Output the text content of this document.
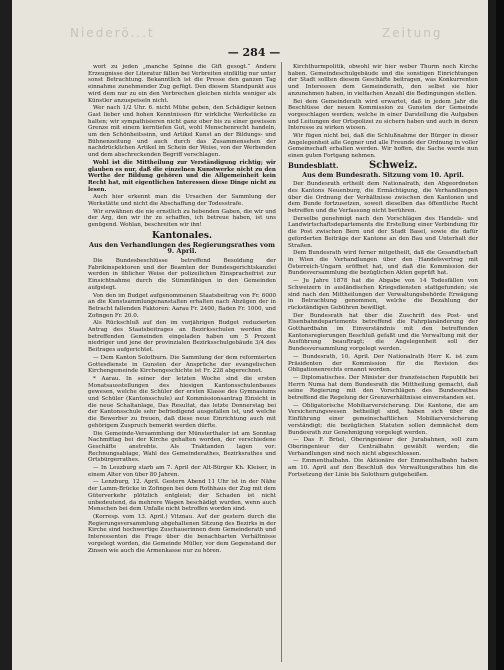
Niederö...t	Zeitung
— 284 —

wort zu jeden „manche Spinne die Gift gesogt.“ Andere Erzeugnisse der Literatur fällen bei Verbreiten einfältig nur unter sonst Betrachtung. Bekanntlich ist die Presse den ganzen Tag einnahme zunehmender Zug gefügt. Den diesem Standpunkt aus wird dem nur zu ein den Verbrechen gleichen nichts weniger als Künstler anzuspeiseln nicht.

Wer nach 1/2 Uhr. 6. nicht Mühe geben, den Schädiger keinen Gast lieber und hohen Kenntnissen für wirkliche Werkstücke zu halten; wir sympathisieren nicht ganz ober bis zu einer gewissen Grenze mit einem kerntiefen Gut, wohl Menschenrecht handeln, um den Schönheitssinn, und Artikel Kunst an der Bildungs- und Bühnenzeitung und auch durch das Zusammensehen der nachdrücklichen Artikel im Schein der Weise, von der Werbenden und dem abschreckenden Begriff verschlagen.

Wohl ist die Mittheilung zur Verständigung richtig; wir glauben es nur, daß die einzelnen Kunstwerke nicht zu den Werthe der Bildung gehören und die Allgemeinheit kein Recht hat, mit eigentlichen Interessen diese Dinge nicht zu lesen.

Auch hier erkennt man die Ursachen der Sammlung der Werkstätte und nicht die Abschaffung der Todesstrafe.

Wir erwähnen die nie ernstlich zu hebenden Gaben, die wir und der Arg, den wir ihr zu schaffen, ich betreue haben, ist uns genügend. Wohlan, beschreiten wir ihn!

Kantonales.
Aus den Verhandlungen des Regierungsrathes vom 9. April.

Die Bundesbeschlüsse betreffend Besoldung der Fabrikinspektoren und der Beamten der Bundesgerichtskanzlei werden in üblicher Weise der polizeilichen Einsprachefrist zur Einsichtnahme durch die Stimmfähigen in den Gemeinden aufgelegt.

Von den im Budget aufgenommenen Staatsbeitrag von Fr. 6000 an die Kunstsammlungenanstalten erhalten nach Abzügen der in Betracht fallenden Faktoren: Aarau Fr. 2400, Baden Fr. 1000, und Zofingen Fr. 20.0.

Als Rückschluß auf den im vorjährigen Budget reduzierten Antrag des Staatsbeitrages an Bezirksschulen werden die betreffenden Gemeinden eingeladen haben um 5 Prozent niedriger und jene der provinzialen Bezirksschulgebäude 3/4 des Beitrages aufgerichtet.

— Dem Kanton Solothurn. Die Sammlung der dem reformierten Gottesdienste in Gunsten der Ansprüche der evangelischen Kirchengemeinde Kirchengeschichte ist Fr. 228 abgerechnet.

* Aarau. In seiner der letzten Woche sind die ersten Monatsausstellungen des hiesigen Kantonsschulenbaues gewesen, welche die Schüler der ersten Klasse des Gymnasiums und Schüler (Kantonsschule) auf Kommissionsantrag Einsicht in die neue Schaltanlage, Das Resultat, das letzte Donnerstag bei der Kantonsschule sehr befriedigend ausgefallen ist, und welche die Bewerber zu freuen, daß diese neue Einrichtung auch mit gehörigem Zuspruch bemerkt werden dürfte.

Die Gemeinde-Versammlung der Münsterthaler ist am Sonntag Nachmittag bei der Kirche gehalten worden, der verschiedene Geschäfte anstrebte. Als Traktanden lagen vor: Rechnungsablage, Wahl des Gemeinderathes, Bezirksrathes und Ortsbürgerrathes.

— In Leuzburg starb am 7. April der Alt-Bürger Kh. Kleiser, in einem Alter von über 80 Jahren.

— Lenzburg, 12. April. Gestern Abend 11 Uhr ist in der Nähe der Lamm-Brücke in Zofingen bei dem Rothhaus der Zug mit dem Güterverkehr plötzlich entgleist; der Schaden ist nicht unbedeutend, da mehrere Wagen beschädigt wurden, wenn auch Menschen bei dem Unfalle nicht betroffen worden sind.

(Korresp. vom 13. April.) Vitznau. Auf der gestern durch die Regierungsversammlung abgehaltenen Sitzung des Bezirks in der Kirche sind hochwertige Zuschauerinnen dem Gemeinderath und Interessenten die Frage über die benachbarten Verhältnisse vorgelegt worden, die Gemeinde Müller, vor dem Gegenstand der Zinsen wie auch die Armenkasse nur zu hören.

Kirchthurmpolitik, obwohl wir hier weber Thurm noch Kirche haben. Gemeindeschulgebäude und die sonstigen Einrichtungen der Stadt sollten diesem Geschäfte beitragen, was Konkurrenten und Interessen dem Gemeinderath, den selbst sie hier anzunehmen haben, in vielfachen Anzahl die Bedingungen stellen.

Bei dem Gemeinderath wird erwartet, daß in jedem Jahr die Beschlüsse der neuen Kommission zu Gunsten der Gemeinde vorgeschlagen werden; welche in einer Darstellung die Aufgaben und Leitungen der Ortspolizei zu sichern haben und auch in deren Interesse zu wirken wissen.

Wir fügen nicht bei, daß die Schlußnahme der Bürger in dieser Angelegenheit alle Gegner und alle Freunde der Ordnung in voller Gemeinschaft erhalten werden. Wir hoffen, die Sache werde nun einen guten Fortgang nehmen.

Bundesblatt.	Schweiz.
Aus dem Bundesrath. Sitzung vom 10. April.

Der Bundesrath ertheilt dem Nationalrath, den Abgeordneten des Kantons Neuenburg, die Ermächtigung, die Verhandlungen über die Ordnung der Verhältnisse zwischen den Kantonen und dem Bunde fortzusetzen, soweit dieselben das öffentliche Recht betreffen und die Verfassung nicht berühren.

Derselbe genehmigt nach den Vorschlägen des Handels- und Landwirtschaftsdepartements die Erstellung einer Verbindung für die Post zwischen Bern und der Stadt Basel, sowie die dafür geforderten Beiträge der Kantone an den Bau und Unterhalt der Straßen.

Dem Bundesrath wird ferner mitgetheilt, daß die Gesandtschaft in Wien die Verhandlungen über den Handelsvertrag mit Österreich-Ungarn eröffnet hat, und daß die Kommission der Bundesversammlung die bezüglichen Akten geprüft hat.

— Ju Jahre 1878 hat die Abgabe von 14 Todesfällen von Schweizern in ausländischen Kriegsdiensten stattgefunden; sie sind nach den Mittheilungen der Verwaltungsbehörde Erwägung in Betrachtung genommen, welche die Bezahlung der rückständigen Gebühren bewilligt.

Der Bundesrath hat über die Zuschrift des Post- und Eisenbahndepartements betreffend die Fahrplanänderung der Gotthardbahn im Einverständnis mit den betreffenden Kantonsregierungen Beschluß gefaßt und die Verwaltung mit der Ausführung beauftragt; die Angelegenheit soll der Bundesversammlung vorgelegt werden.

— Bundesrath, 10. April. Der Nationalrath Herr K. ist zum Präsidenten der Kommission für die Revision des Obligationenrechts ernannt worden.

— Diplomatisches. Der Minister der französischen Republik bei Herrn Numa hat dem Bundesrath die Mittheilung gemacht, daß seine Regierung mit den Vorschlägen des Bundesrathes betreffend die Regelung der Grenzverhältnisse einverstanden sei.

— Obligatorische Mobiliarversicherung. Die Kantone, die am Versicherungswesen betheiligt sind, haben sich über die Einführung einer gemeinschaftlichen Mobiliarversicherung verständigt; die bezüglichen Statuten sollen demnächst dem Bundesrath zur Genehmigung vorgelegt werden.

— Das F. Brüel, Oberingenieur der Jurabahnen, soll zum Oberingenieur der Centralbahn gewählt werden; die Verhandlungen sind noch nicht abgeschlossen.

— Emmenthalbahn. Die Aktionäre der Emmenthalbahn haben am 10. April auf den Beschluß des Verwaltungsrathes hin die Fortsetzung der Linie bis Solothurn gutgeheißen.
